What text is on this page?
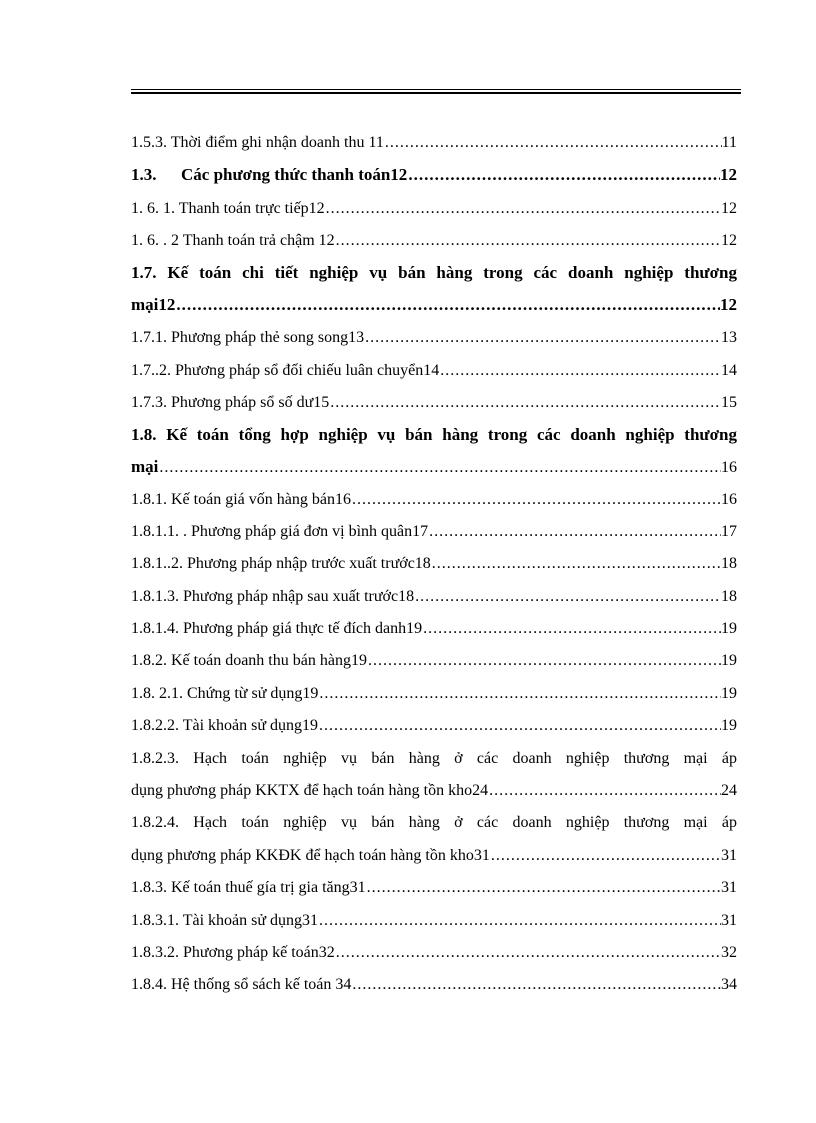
1.5.3. Thời điểm ghi nhận doanh thu 11 .....	11
1.3.	Các phương thức thanh toán12 .....	12
1. 6. 1. Thanh toán trực tiếp12 .....	12
1. 6. . 2 Thanh toán trả chậm 12 .....	12
1.7. Kế toán chi tiết nghiệp vụ bán hàng trong các doanh nghiệp thương
mại12 .....	12
1.7.1. Phương pháp thẻ song song13 .....	13
1.7..2. Phương pháp sổ đối chiếu luân chuyển14 .....	14
1.7.3. Phương pháp sổ số dư15 .....	15
1.8. Kế toán tổng hợp nghiệp vụ bán hàng trong các doanh nghiệp thương
mại .....	16
1.8.1. Kế toán giá vốn hàng bán16 .....	16
1.8.1.1. . Phương pháp giá đơn vị bình quân17 .....	17
1.8.1..2. Phương pháp nhập trước xuất trước18 .....	18
1.8.1.3. Phương pháp nhập sau xuất trước18 .....	18
1.8.1.4. Phương pháp giá thực tế đích danh19 .....	19
1.8.2. Kế toán doanh thu bán hàng19 .....	19
1.8. 2.1. Chứng từ sử dụng19 .....	19
1.8.2.2. Tài khoản sử dụng19 .....	19
1.8.2.3. Hạch toán nghiệp vụ bán hàng ở các doanh nghiệp thương mại áp
dụng phương pháp KKTX để hạch toán hàng tồn kho24 .....	24
1.8.2.4. Hạch toán nghiệp vụ bán hàng ở các doanh nghiệp thương mại áp
dụng phương pháp KKĐK để hạch toán hàng tồn kho31 .....	31
1.8.3. Kế toán thuế gía trị gia tăng31 .....	31
1.8.3.1. Tài khoản sử dụng31 .....	31
1.8.3.2. Phương pháp kế toán32 .....	32
1.8.4. Hệ thống sổ sách kế toán 34 .....	34
